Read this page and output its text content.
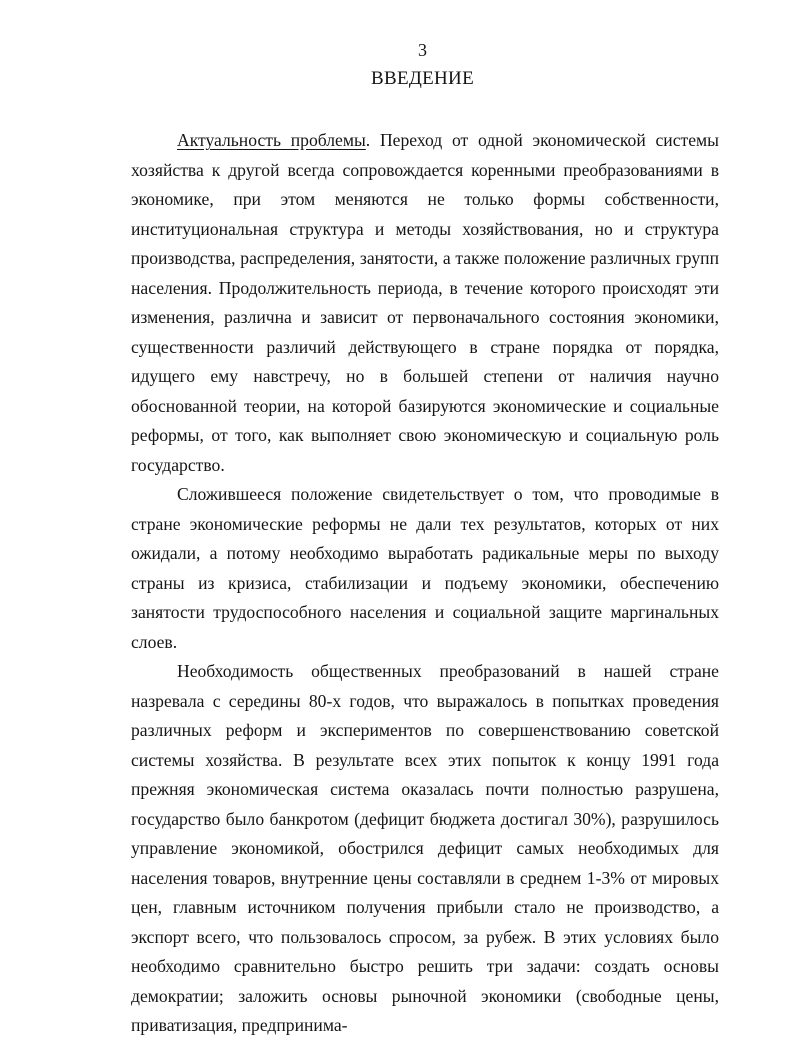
3

ВВЕДЕНИЕ

Актуальность проблемы. Переход от одной экономической системы хозяйства к другой всегда сопровождается коренными преобразованиями в экономике, при этом меняются не только формы собственности, институциональная структура и методы хозяйствования, но и структура производства, распределения, занятости, а также положение различных групп населения. Продолжительность периода, в течение которого происходят эти изменения, различна и зависит от первоначального состояния экономики, существенности различий действующего в стране порядка от порядка, идущего ему навстречу, но в большей степени от наличия научно обоснованной теории, на которой базируются экономические и социальные реформы, от того, как выполняет свою экономическую и социальную роль государство.

Сложившееся положение свидетельствует о том, что проводимые в стране экономические реформы не дали тех результатов, которых от них ожидали, а потому необходимо выработать радикальные меры по выходу страны из кризиса, стабилизации и подъему экономики, обеспечению занятости трудоспособного населения и социальной защите маргинальных слоев.

Необходимость общественных преобразований в нашей стране назревала с середины 80-х годов, что выражалось в попытках проведения различных реформ и экспериментов по совершенствованию советской системы хозяйства. В результате всех этих попыток к концу 1991 года прежняя экономическая система оказалась почти полностью разрушена, государство было банкротом (дефицит бюджета достигал 30%), разрушилось управление экономикой, обострился дефицит самых необходимых для населения товаров, внутренние цены составляли в среднем 1-3% от мировых цен, главным источником получения прибыли стало не производство, а экспорт всего, что пользовалось спросом, за рубеж. В этих условиях было необходимо сравнительно быстро решить три задачи: создать основы демократии; заложить основы рыночной экономики (свободные цены, приватизация, предпринима-
